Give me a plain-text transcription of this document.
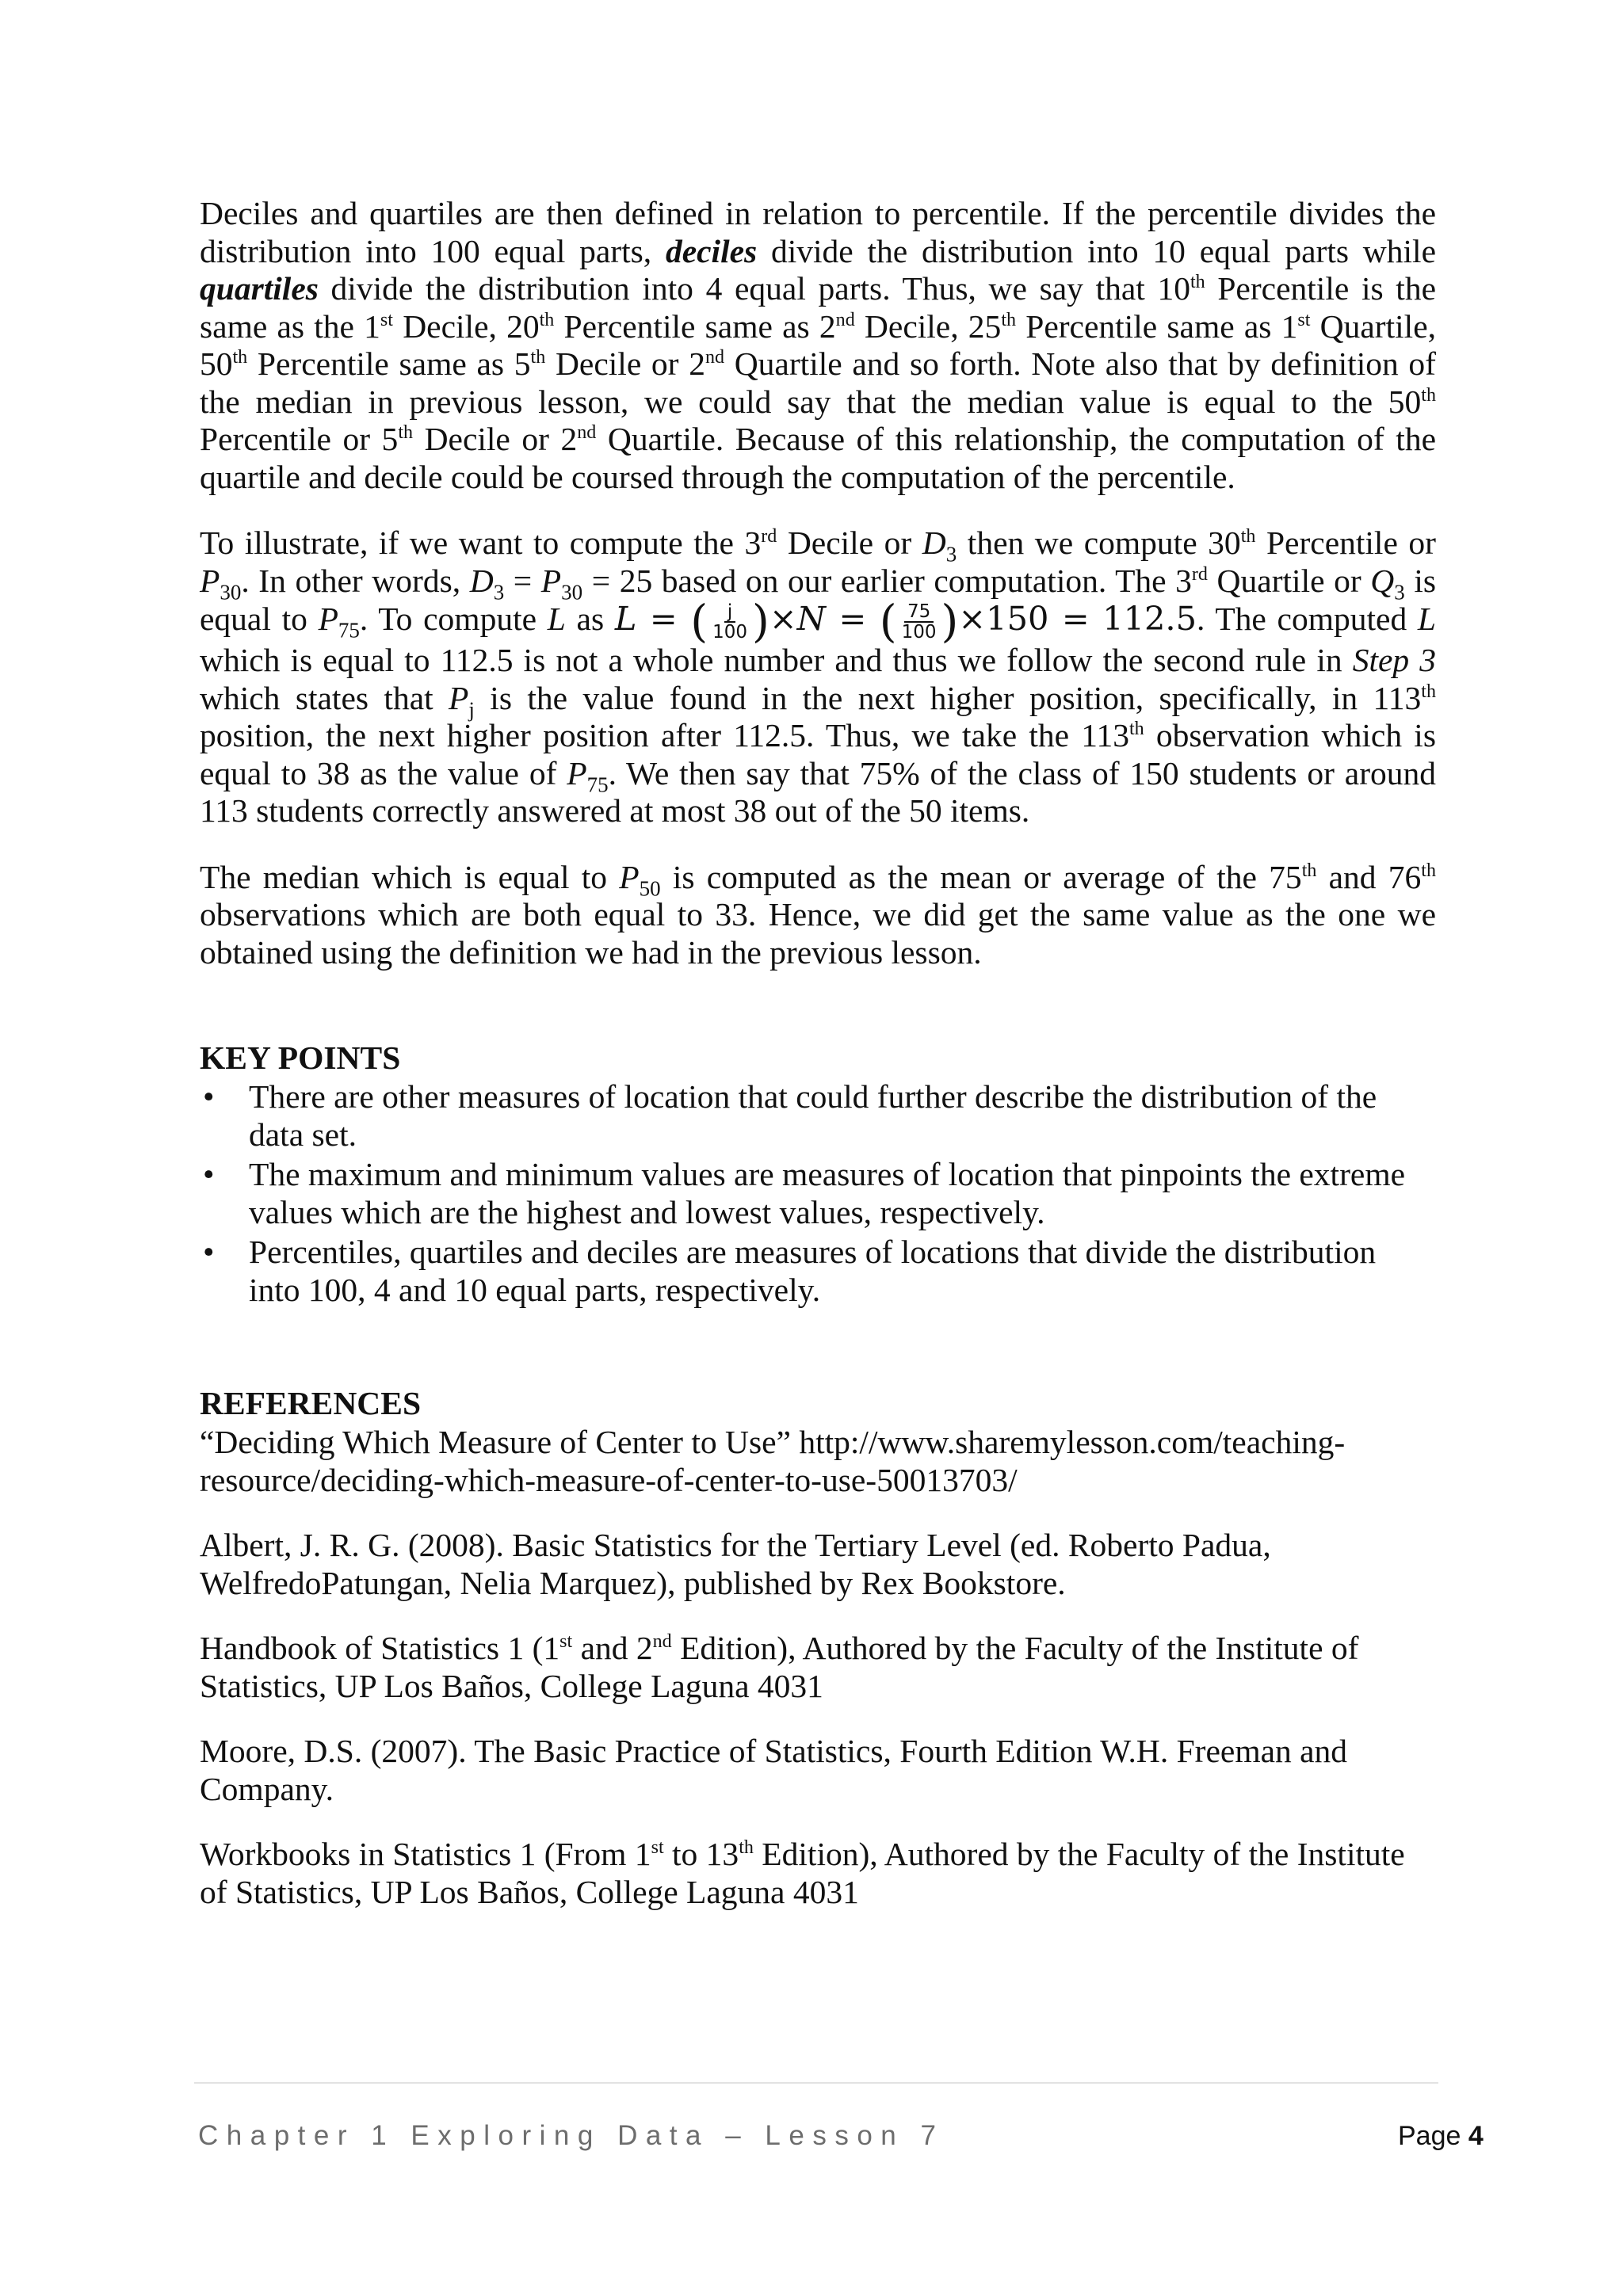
Deciles and quartiles are then defined in relation to percentile. If the percentile divides the distribution into 100 equal parts, deciles divide the distribution into 10 equal parts while quartiles divide the distribution into 4 equal parts. Thus, we say that 10th Percentile is the same as the 1st Decile, 20th Percentile same as 2nd Decile, 25th Percentile same as 1st Quartile, 50th Percentile same as 5th Decile or 2nd Quartile and so forth. Note also that by definition of the median in previous lesson, we could say that the median value is equal to the 50th Percentile or 5th Decile or 2nd Quartile. Because of this relationship, the computation of the quartile and decile could be coursed through the computation of the percentile.

To illustrate, if we want to compute the 3rd Decile or $D_3$ then we compute 30th Percentile or $P_{30}$. In other words, $D_3 = P_{30} = 25$ based on our earlier computation. The 3rd Quartile or $Q_3$ is equal to $P_{75}$. To compute L as L = ( $\frac{j}{100} )\times N$ = ( $\frac{75}{100} )\times 150 = 112.5$. The computed L which is equal to 112.5 is not a whole number and thus we follow the second rule in Step 3 which states that $P_j$ is the value found in the next higher position, specifically, in 113th position, the next higher position after 112.5. Thus, we take the 113th observation which is equal to 38 as the value of $P_{75}$. We then say that 75% of the class of 150 students or around 113 students correctly answered at most 38 out of the 50 items.

The median which is equal to $P_{50}$ is computed as the mean or average of the 75th and 76th observations which are both equal to 33. Hence, we did get the same value as the one we obtained using the definition we had in the previous lesson.

KEY POINTS
• There are other measures of location that could further describe the distribution of the data set.
• The maximum and minimum values are measures of location that pinpoints the extreme values which are the highest and lowest values, respectively.
• Percentiles, quartiles and deciles are measures of locations that divide the distribution into 100, 4 and 10 equal parts, respectively.
REFERENCES

“Deciding Which Measure of Center to Use” http://www.sharemylesson.com/teaching-resource/deciding-which-measure-of-center-to-use-50013703/

Albert, J. R. G. (2008). Basic Statistics for the Tertiary Level (ed. Roberto Padua, WelfredoPatungan, Nelia Marquez), published by Rex Bookstore.

Handbook of Statistics 1 (1st and 2nd Edition), Authored by the Faculty of the Institute of Statistics, UP Los Baños, College Laguna 4031

Moore, D.S. (2007). The Basic Practice of Statistics, Fourth Edition W.H. Freeman and Company.

Workbooks in Statistics 1 (From 1st to 13th Edition), Authored by the Faculty of the Institute of Statistics, UP Los Baños, College Laguna 4031

Chapter 1 Exploring Data – Lesson 7	Page 4
